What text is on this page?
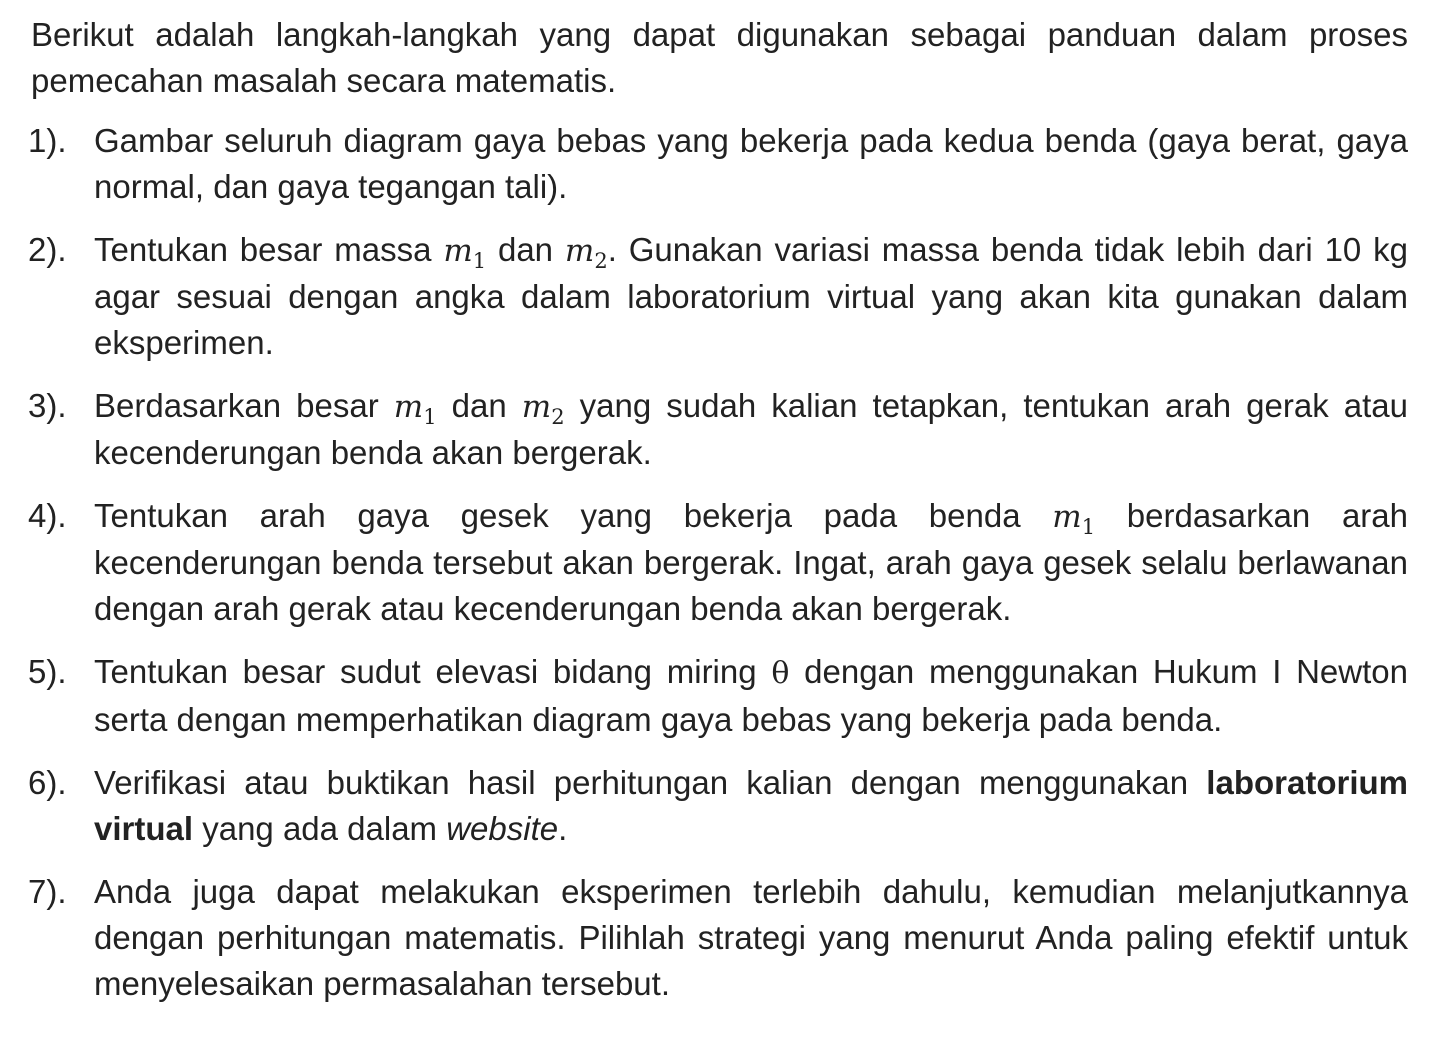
Berikut adalah langkah-langkah yang dapat digunakan sebagai panduan dalam proses pemecahan masalah secara matematis.

1). Gambar seluruh diagram gaya bebas yang bekerja pada kedua benda (gaya berat, gaya normal, dan gaya tegangan tali).
2). Tentukan besar massa $m_1$ dan $m_2$. Gunakan variasi massa benda tidak lebih dari 10 kg agar sesuai dengan angka dalam laboratorium virtual yang akan kita gunakan dalam eksperimen.
3). Berdasarkan besar $m_1$ dan $m_2$ yang sudah kalian tetapkan, tentukan arah gerak atau kecenderungan benda akan bergerak.
4). Tentukan arah gaya gesek yang bekerja pada benda $m_1$ berdasarkan arah kecenderungan benda tersebut akan bergerak. Ingat, arah gaya gesek selalu berlawanan dengan arah gerak atau kecenderungan benda akan bergerak.
5). Tentukan besar sudut elevasi bidang miring θ dengan menggunakan Hukum I Newton serta dengan memperhatikan diagram gaya bebas yang bekerja pada benda.
6). Verifikasi atau buktikan hasil perhitungan kalian dengan menggunakan laboratorium virtual yang ada dalam website.
7). Anda juga dapat melakukan eksperimen terlebih dahulu, kemudian melanjutkannya dengan perhitungan matematis. Pilihlah strategi yang menurut Anda paling efektif untuk menyelesaikan permasalahan tersebut.
